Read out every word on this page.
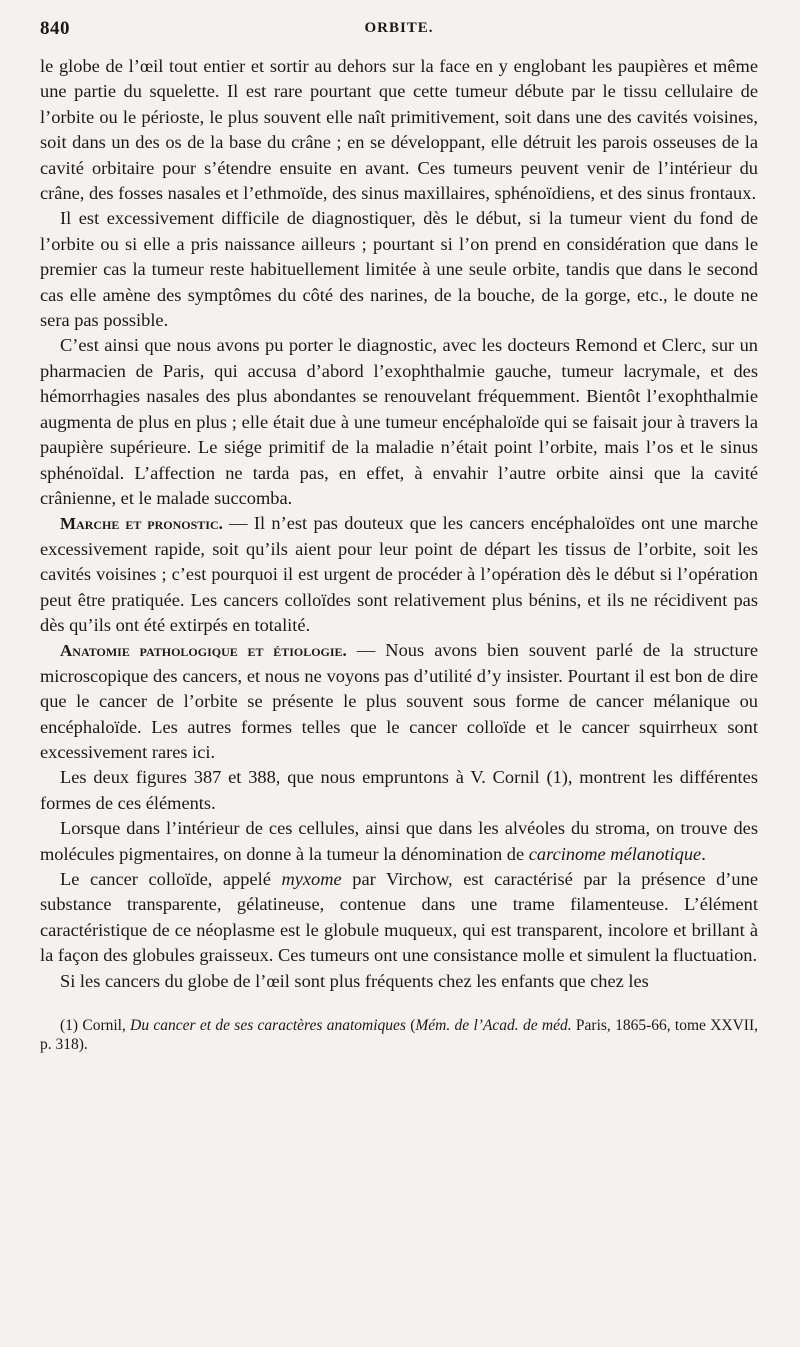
840	ORBITE.

le globe de l’œil tout entier et sortir au dehors sur la face en y englobant les paupières et même une partie du squelette. Il est rare pourtant que cette tumeur débute par le tissu cellulaire de l’orbite ou le périoste, le plus souvent elle naît primitivement, soit dans une des cavités voisines, soit dans un des os de la base du crâne ; en se développant, elle détruit les parois osseuses de la cavité orbitaire pour s’étendre ensuite en avant. Ces tumeurs peuvent venir de l’intérieur du crâne, des fosses nasales et l’ethmoïde, des sinus maxillaires, sphénoïdiens, et des sinus frontaux.

Il est excessivement difficile de diagnostiquer, dès le début, si la tumeur vient du fond de l’orbite ou si elle a pris naissance ailleurs ; pourtant si l’on prend en considération que dans le premier cas la tumeur reste habituellement limitée à une seule orbite, tandis que dans le second cas elle amène des symptômes du côté des narines, de la bouche, de la gorge, etc., le doute ne sera pas possible.

C’est ainsi que nous avons pu porter le diagnostic, avec les docteurs Remond et Clerc, sur un pharmacien de Paris, qui accusa d’abord l’exophthalmie gauche, tumeur lacrymale, et des hémorrhagies nasales des plus abondantes se renouvelant fréquemment. Bientôt l’exophthalmie augmenta de plus en plus ; elle était due à une tumeur encéphaloïde qui se faisait jour à travers la paupière supérieure. Le siége primitif de la maladie n’était point l’orbite, mais l’os et le sinus sphénoïdal. L’affection ne tarda pas, en effet, à envahir l’autre orbite ainsi que la cavité crânienne, et le malade succomba.

Marche et pronostic. — Il n’est pas douteux que les cancers encéphaloïdes ont une marche excessivement rapide, soit qu’ils aient pour leur point de départ les tissus de l’orbite, soit les cavités voisines ; c’est pourquoi il est urgent de procéder à l’opération dès le début si l’opération peut être pratiquée. Les cancers colloïdes sont relativement plus bénins, et ils ne récidivent pas dès qu’ils ont été extirpés en totalité.

Anatomie pathologique et étiologie. — Nous avons bien souvent parlé de la structure microscopique des cancers, et nous ne voyons pas d’utilité d’y insister. Pourtant il est bon de dire que le cancer de l’orbite se présente le plus souvent sous forme de cancer mélanique ou encéphaloïde. Les autres formes telles que le cancer colloïde et le cancer squirrheux sont excessivement rares ici.

Les deux figures 387 et 388, que nous empruntons à V. Cornil (1), montrent les différentes formes de ces éléments.

Lorsque dans l’intérieur de ces cellules, ainsi que dans les alvéoles du stroma, on trouve des molécules pigmentaires, on donne à la tumeur la dénomination de carcinome mélanotique.

Le cancer colloïde, appelé myxome par Virchow, est caractérisé par la présence d’une substance transparente, gélatineuse, contenue dans une trame filamenteuse. L’élément caractéristique de ce néoplasme est le globule muqueux, qui est transparent, incolore et brillant à la façon des globules graisseux. Ces tumeurs ont une consistance molle et simulent la fluctuation.

Si les cancers du globe de l’œil sont plus fréquents chez les enfants que chez les

(1) Cornil, Du cancer et de ses caractères anatomiques (Mém. de l’Acad. de méd. Paris, 1865-66, tome XXVII, p. 318).
